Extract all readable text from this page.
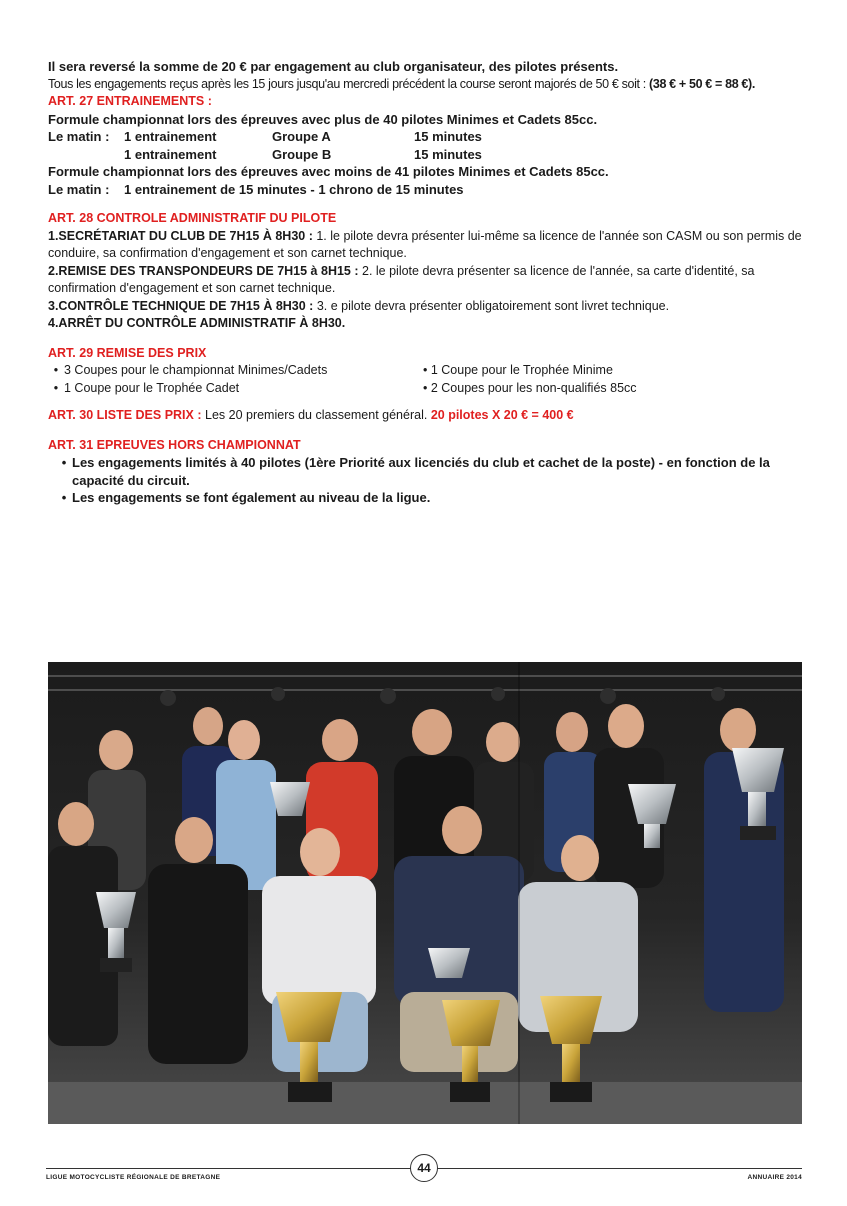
Il sera reversé la somme de 20 € par engagement au club organisateur, des pilotes présents.
Tous les engagements reçus après les 15 jours jusqu'au mercredi précédent la course seront majorés de 50 € soit : (38 € + 50 € = 88 €).
ART. 27 ENTRAINEMENTS :
Formule championnat lors des épreuves avec plus de 40 pilotes Minimes et Cadets 85cc.
Le matin : 1 entrainement	Groupe A	15 minutes
1 entrainement	Groupe B	15 minutes
Formule championnat lors des épreuves avec moins de 41 pilotes Minimes et Cadets 85cc.
Le matin : 1 entrainement de 15 minutes - 1 chrono de 15 minutes
ART. 28 CONTROLE ADMINISTRATIF DU PILOTE
1.SECRÉTARIAT DU CLUB DE 7H15 À 8H30 : 1. le pilote devra présenter lui-même sa licence de l'année son CASM ou son permis de conduire, sa confirmation d'engagement et son carnet technique.
2.REMISE DES TRANSPONDEURS DE 7H15 à 8H15 : 2. le pilote devra présenter sa licence de l'année, sa carte d'identité, sa confirmation d'engagement et son carnet technique.
3.CONTRÔLE TECHNIQUE DE 7H15 À 8H30 : 3. e pilote devra présenter obligatoirement sont livret technique.
4.ARRÊT DU CONTRÔLE ADMINISTRATIF À 8H30.
ART. 29 REMISE DES PRIX
• 3 Coupes pour le championnat Minimes/Cadets
• 1 Coupe pour le Trophée Cadet
• 1 Coupe pour le Trophée Minime
• 2 Coupes pour les non-qualifiés 85cc
ART. 30 LISTE DES PRIX : Les 20 premiers du classement général. 20 pilotes X 20 € = 400 €
ART. 31 EPREUVES HORS CHAMPIONNAT
• Les engagements limités à 40 pilotes (1ère Priorité aux licenciés du club et cachet de la poste) - en fonction de la capacité du circuit.
• Les engagements se font également au niveau de la ligue.
LIGUE MOTOCYCLISTE RÉGIONALE DE BRETAGNE
44
ANNUAIRE 2014
